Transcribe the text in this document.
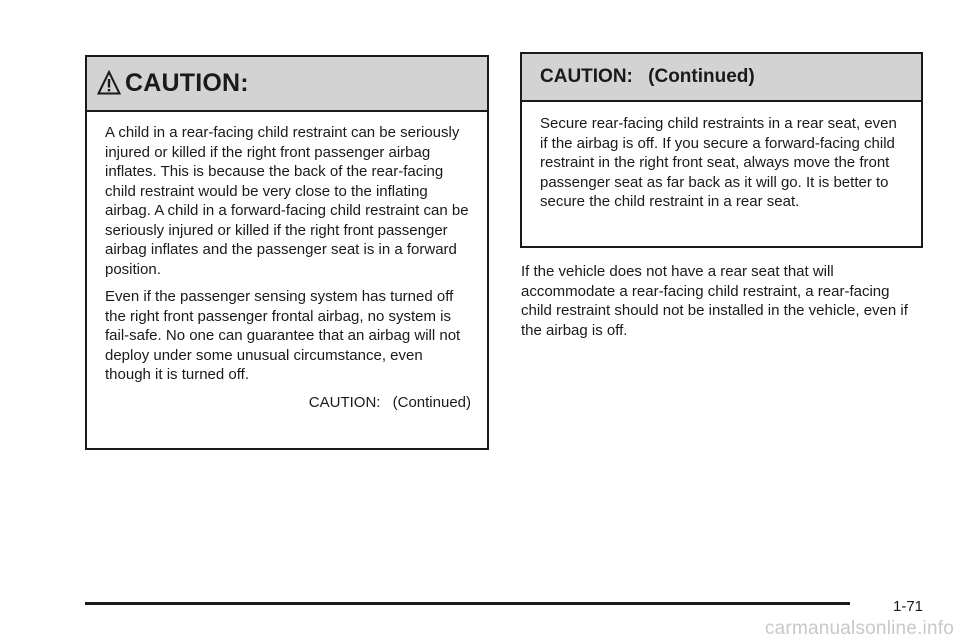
CAUTION:

A child in a rear-facing child restraint can be seriously injured or killed if the right front passenger airbag inflates. This is because the back of the rear-facing child restraint would be very close to the inflating airbag. A child in a forward-facing child restraint can be seriously injured or killed if the right front passenger airbag inflates and the passenger seat is in a forward position.

Even if the passenger sensing system has turned off the right front passenger frontal airbag, no system is fail-safe. No one can guarantee that an airbag will not deploy under some unusual circumstance, even though it is turned off.

CAUTION: (Continued)
CAUTION: (Continued)

Secure rear-facing child restraints in a rear seat, even if the airbag is off. If you secure a forward-facing child restraint in the right front seat, always move the front passenger seat as far back as it will go. It is better to secure the child restraint in a rear seat.

If the vehicle does not have a rear seat that will accommodate a rear-facing child restraint, a rear-facing child restraint should not be installed in the vehicle, even if the airbag is off.

1-71
carmanualsonline.info
